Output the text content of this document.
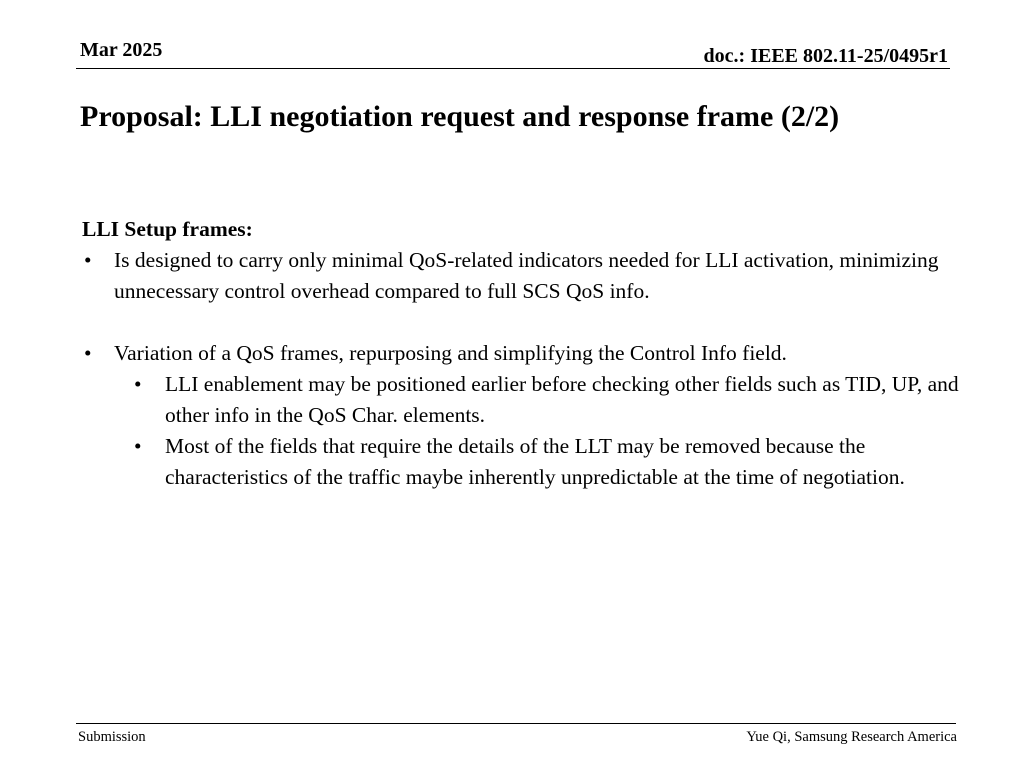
Mar 2025	doc.: IEEE 802.11-25/0495r1
Proposal: LLI negotiation request and response frame (2/2)
LLI Setup frames:
• Is designed to carry only minimal QoS-related indicators needed for LLI activation, minimizing unnecessary control overhead compared to full SCS QoS info.
• Variation of a QoS frames, repurposing and simplifying the Control Info field.
• LLI enablement may be positioned earlier before checking other fields such as TID, UP, and other info in the QoS Char. elements.
• Most of the fields that require the details of the LLT may be removed because the characteristics of the traffic maybe inherently unpredictable at the time of negotiation.
Submission	Yue Qi, Samsung Research America
